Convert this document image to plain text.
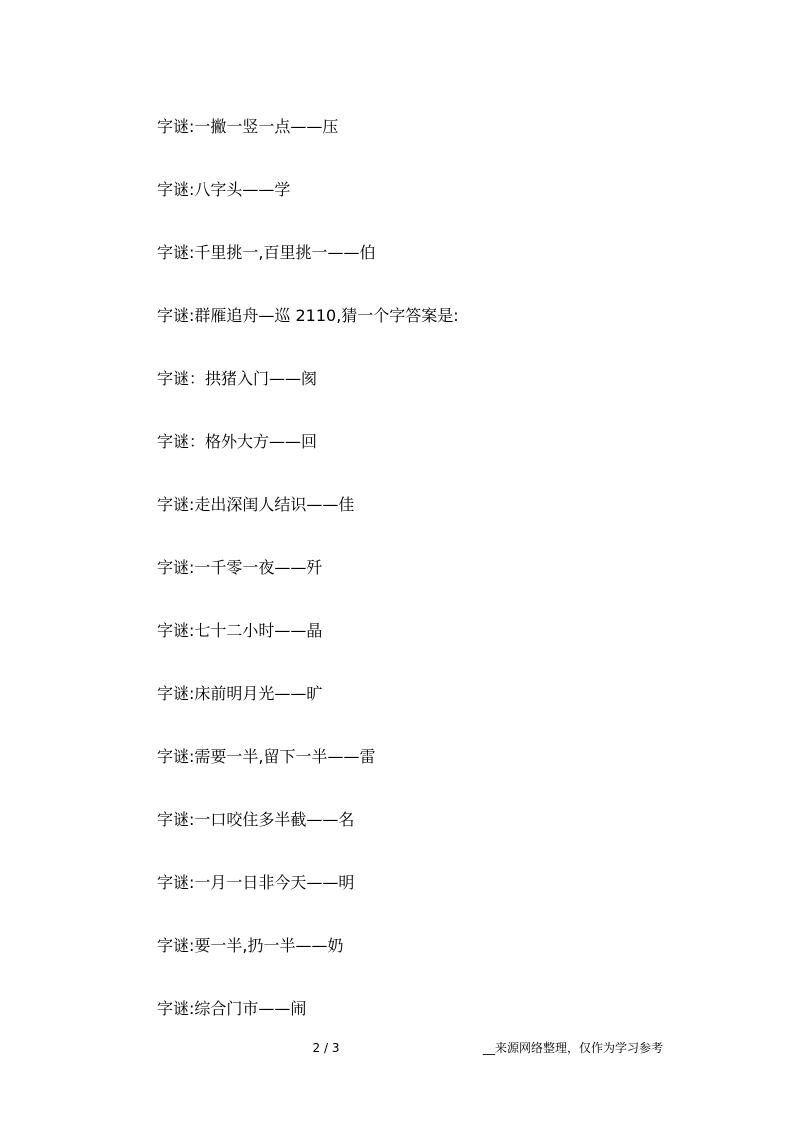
字谜:一撇一竖一点——压
字谜:八字头——学
字谜:千里挑一,百里挑一——伯
字谜:群雁追舟—巡 2110,猜一个字答案是:
字谜：拱猪入门——阂
字谜：格外大方——回
字谜:走出深闺人结识——佳
字谜:一千零一夜——歼
字谜:七十二小时——晶
字谜:床前明月光——旷
字谜:需要一半,留下一半——雷
字谜:一口咬住多半截——名
字谜:一月一日非今天——明
字谜:要一半,扔一半——奶
字谜:综合门市——闹
2 / 3	__来源网络整理，仅作为学习参考
